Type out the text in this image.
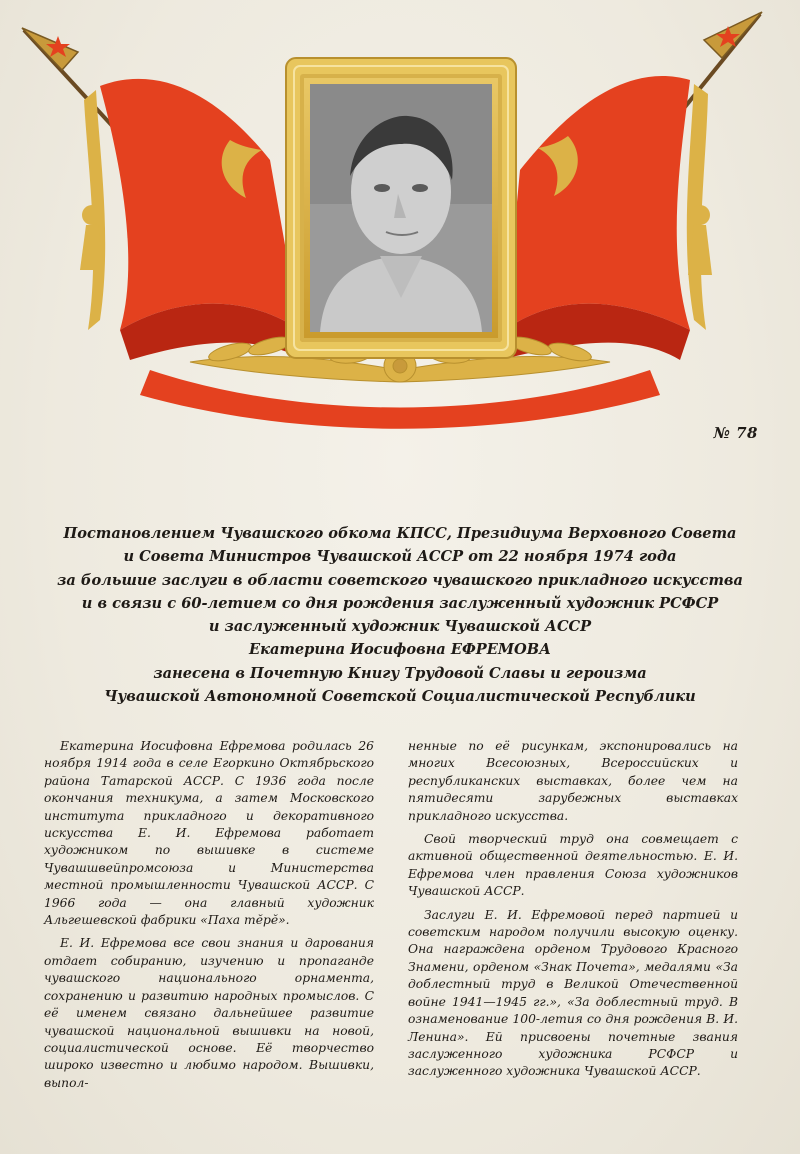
№ 78

Постановлением Чувашского обкома КПСС, Президиума Верховного Совета
и Совета Министров Чувашской АССР от 22 ноября 1974 года
за большие заслуги в области советского чувашского прикладного искусства
и в связи с 60-летием со дня рождения заслуженный художник РСФСР
и заслуженный художник Чувашской АССР
Екатерина Иосифовна ЕФРЕМОВА
занесена в Почетную Книгу Трудовой Славы и героизма
Чувашской Автономной Советской Социалистической Республики

Екатерина Иосифовна Ефремова родилась 26 ноября 1914 года в селе Егоркино Октябрьского района Татарской АССР. С 1936 года после окончания техникума, а затем Московского института прикладного и декоративного искусства Е. И. Ефремова работает художником по вышивке в системе Чувашшвейпромсоюза и Министерства местной промышленности Чувашской АССР. С 1966 года — она главный художник Альгешевской фабрики «Паха тĕрĕ».

Е. И. Ефремова все свои знания и дарования отдает собиранию, изучению и пропаганде чувашского национального орнамента, сохранению и развитию народных промыслов. С её именем связано дальнейшее развитие чувашской национальной вышивки на новой, социалистической основе. Её творчество широко известно и любимо народом. Вышивки, выпол-

ненные по её рисункам, экспонировались на многих Всесоюзных, Всероссийских и республиканских выставках, более чем на пятидесяти зарубежных выставках прикладного искусства.

Свой творческий труд она совмещает с активной общественной деятельностью. Е. И. Ефремова член правления Союза художников Чувашской АССР.

Заслуги Е. И. Ефремовой перед партией и советским народом получили высокую оценку. Она награждена орденом Трудового Красного Знамени, орденом «Знак Почета», медалями «За доблестный труд в Великой Отечественной войне 1941—1945 гг.», «За доблестный труд. В ознаменование 100-летия со дня рождения В. И. Ленина». Ей присвоены почетные звания заслуженного художника РСФСР и заслуженного художника Чувашской АССР.
